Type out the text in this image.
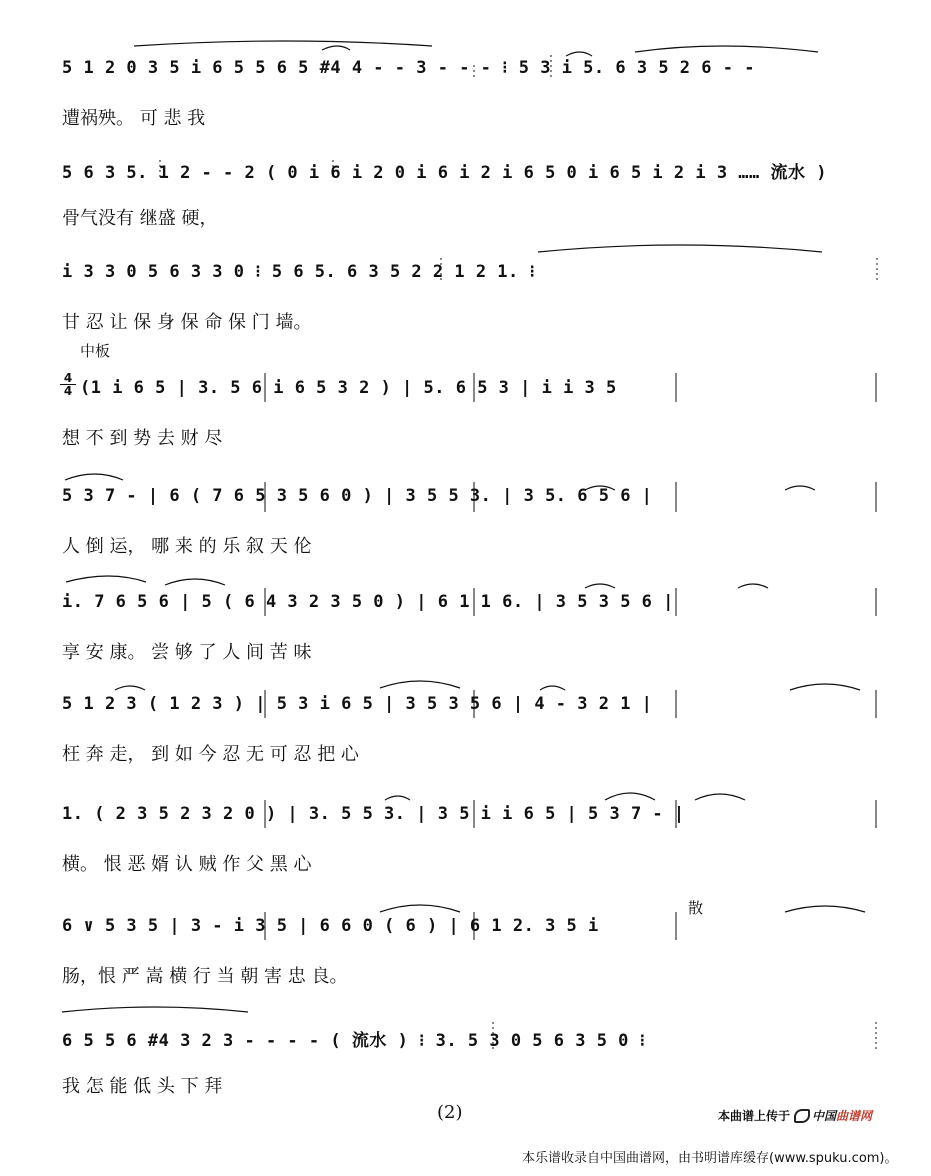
5 1 2 0 3 5 i 6 5 5 6 5 #4 4 - - 3 - - - ⁝ 5 3 i 5. 6 3 5 2 6 - -
遭祸殃。 可 悲 我
5 6 3 5. 1 2 - - 2 ( 0 i 6 i 2 0 i 6 i 2 i 6 5 0 i 6 5 i 2 i 3 …… 流水 )
骨气没有 继盛 硬，
i 3 3 0 5 6 3 3 0 ⁝ 5 6 5. 6 3 5 2 2 1 2 1. ⁝
甘 忍 让 保 身 保 命 保 门 墙。
中板
$\frac{4}{4} (1$ i 6 5 | 3. 5 6 i 6 5 3 2 ) | 5. 6 5 3 | i i 3 5
想 不 到 势 去 财 尽
5 3 7 - | 6 ( 7 6 5 3 5 6 0 ) | 3 5 5 3. | 3 5. 6 5 6 |
人 倒 运， 哪 来 的 乐 叙 天 伦
i. 7 6 5 6 | 5 ( 6 4 3 2 3 5 0 ) | 6 1 1 6. | 3 5 3 5 6 |
享 安 康。 尝 够 了 人 间 苦 味
5 1 2 3 ( 1 2 3 ) | 5 3 i 6 5 | 3 5 3 5 6 | 4 - 3 2 1 |
枉 奔 走， 到 如 今 忍 无 可 忍 把 心
1. ( 2 3 5 2 3 2 0 ) | 3. 5 5 3. | 3 5 i i 6 5 | 5 3 7 - |
横。 恨 恶 婿 认 贼 作 父 黑 心
散
6 ∨ 5 3 5 | 3 - i 3 5 | 6 6 0 ( 6 ) | 6 1 2. 3 5 i
肠，恨 严 嵩 横 行 当 朝 害 忠 良。
6 5 5 6 #4 3 2 3 - - - - ( 流水 ) ⁝ 3. 5 3 0 5 6 3 5 0 ⁝
我 怎 能 低 头 下 拜
(2)	本曲谱上传于 中国曲谱网
本乐谱收录自中国曲谱网，由书明谱库缓存(www.spuku.com)。
